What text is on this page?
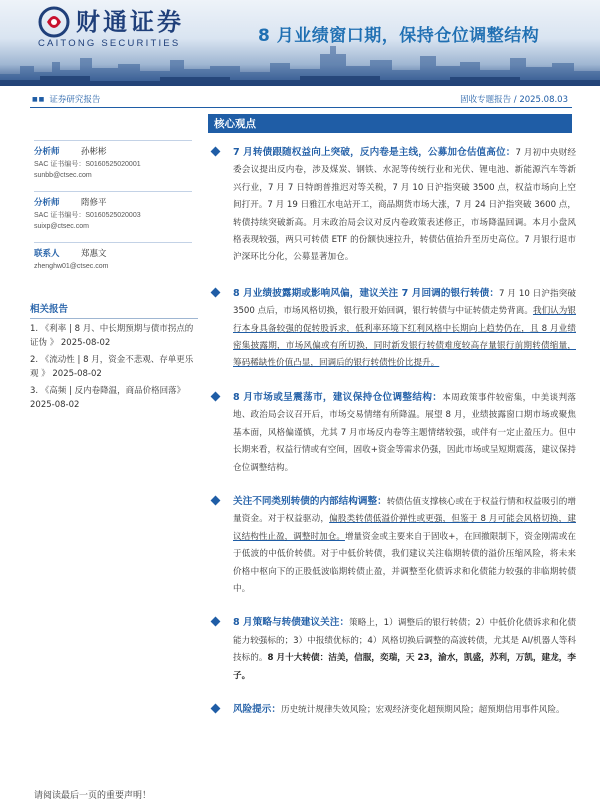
财通证券
CAITONG SECURITIES	8 月业绩窗口期，保持仓位调整结构
■■ 证券研究报告	固收专题报告 / 2025.08.03
分析师	孙彬彬
SAC 证书编号：S0160525020001
sunbb@ctsec.com
分析师	隋修平
SAC 证书编号：S0160525020003
suixp@ctsec.com
联系人	郑惠文
zhenghw01@ctsec.com
相关报告
1. 《利率 | 8 月、中长期预期与债市拐点的证伪 》 2025-08-02
2. 《流动性 | 8 月，资金不悲观、存单更乐观 》 2025-08-02
3. 《高频 | 反内卷降温，商品价格回落》 2025-08-02
核心观点
7 月转债跟随权益向上突破，反内卷是主线，公募加仓估值高位：7 月初中央财经委会议提出反内卷，涉及煤炭、钢铁、水泥等传统行业和光伏、锂电池、新能源汽车等新兴行业，7 月 7 日特朗普推迟对等关税，7 月 10 日沪指突破 3500 点，权益市场向上空间打开。7 月 19 日雅江水电站开工，商品期货市场大涨，7 月 24 日沪指突破 3600 点，转债持续突破新高。月末政治局会议对反内卷政策表述修正，市场降温回调。本月小盘风格表现较强，两只可转债 ETF 的份额快速拉升，转债估值抬升至历史高位。7 月银行退市沪深环比分化，公募显著加仓。
8 月业绩披露期或影响风偏，建议关注 7 月回调的银行转债：7 月 10 日沪指突破 3500 点后，市场风格切换，银行股开始回调，银行转债与中证转债走势背离。我们认为银行本身具备较强的促转股诉求，低利率环境下红利风格中长期向上趋势仍在，且 8 月业绩密集披露期，市场风偏或有所切换，同时新发银行转债难度较高存量银行前期转债缩量，筹码稀缺性价值凸显，回调后的银行转债性价比提升。
8 月市场或呈震荡市，建议保持仓位调整结构：本周政策事件较密集，中美谈判落地、政治局会议召开后，市场交易情绪有所降温。展望 8 月，业绩披露窗口期市场或聚焦基本面，风格偏谨慎，尤其 7 月市场反内卷等主题情绪较强，或伴有一定止盈压力。但中长期来看，权益行情或有空间，固收+资金等需求仍强，因此市场或呈短期震荡，建议保持仓位调整结构。
关注不同类别转债的内部结构调整：转债估值支撑核心或在于权益行情和权益吸引的增量资金。对于权益驱动，偏股类转债低溢价弹性或更强，但鉴于 8 月可能会风格切换，建议结构性止盈，调整时加仓。增量资金或主要来自于固收+，在回撤限制下，资金刚需或在于低波的中低价转债。对于中低价转债，我们建议关注临期转债的溢价压缩风险，将未来价格中枢向下的正股低波临期转债止盈，并调整至化债诉求和化债能力较强的非临期转债中。
8 月策略与转债建议关注：策略上，1）调整后的银行转债；2）中低价化债诉求和化债能力较强标的；3）中报绩优标的；4）风格切换后调整的高波转债，尤其是 AI/机器人等科技标的。8 月十大转债：洁美，信服，奕瑞，天 23，渝水，凯盛，苏利，万凯，建龙，李子。
风险提示：历史统计规律失效风险；宏观经济变化超预期风险；超预期信用事件风险。
请阅读最后一页的重要声明！
